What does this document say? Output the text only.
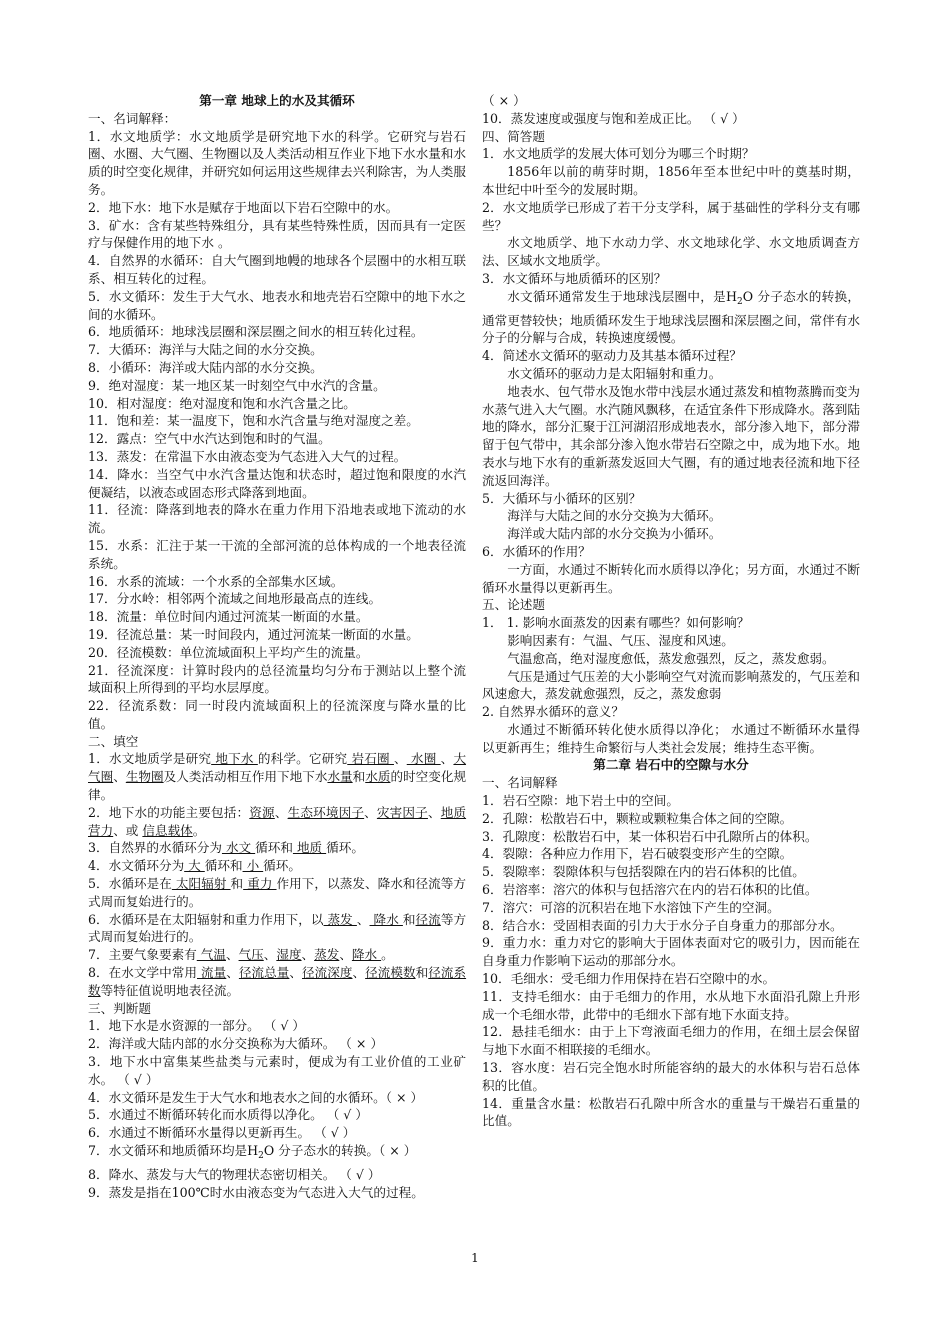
第一章 地球上的水及其循环

一、名词解释：

1．水文地质学：水文地质学是研究地下水的科学。它研究与岩石圈、水圈、大气圈、生物圈以及人类活动相互作业下地下水水量和水质的时空变化规律，并研究如何运用这些规律去兴利除害，为人类服务。

2．地下水：地下水是赋存于地面以下岩石空隙中的水。

3．矿水：含有某些特殊组分，具有某些特殊性质，因而具有一定医疗与保健作用的地下水 。

4．自然界的水循环：自大气圈到地幔的地球各个层圈中的水相互联系、相互转化的过程。

5．水文循环：发生于大气水、地表水和地壳岩石空隙中的地下水之间的水循环。

6．地质循环：地球浅层圈和深层圈之间水的相互转化过程。

7．大循环：海洋与大陆之间的水分交换。

8．小循环：海洋或大陆内部的水分交换。

9．绝对湿度：某一地区某一时刻空气中水汽的含量。

10．相对湿度：绝对湿度和饱和水汽含量之比。

11．饱和差：某一温度下，饱和水汽含量与绝对湿度之差。

12．露点：空气中水汽达到饱和时的气温。

13．蒸发：在常温下水由液态变为气态进入大气的过程。

14．降水：当空气中水汽含量达饱和状态时，超过饱和限度的水汽便凝结，以液态或固态形式降落到地面。

11．径流：降落到地表的降水在重力作用下沿地表或地下流动的水流。

15．水系：汇注于某一干流的全部河流的总体构成的一个地表径流系统。

16．水系的流域：一个水系的全部集水区域。

17．分水岭：相邻两个流域之间地形最高点的连线。

18．流量：单位时间内通过河流某一断面的水量。

19．径流总量：某一时间段内，通过河流某一断面的水量。

20．径流模数：单位流域面积上平均产生的流量。

21．径流深度：计算时段内的总径流量均匀分布于测站以上整个流域面积上所得到的平均水层厚度。

22．径流系数：同一时段内流域面积上的径流深度与降水量的比值。

二、填空

1．水文地质学是研究 地下水 的科学。它研究 岩石圈 、 水圈 、大气圈、生物圈及人类活动相互作用下地下水水量和水质的时空变化规律。

2．地下水的功能主要包括：资源、生态环境因子、灾害因子、地质营力、或 信息载体。

3．自然界的水循环分为 水文 循环和 地质 循环。

4．水文循环分为 大 循环和 小 循环。

5．水循环是在 太阳辐射 和 重力 作用下，以蒸发、降水和径流等方式周而复始进行的。

6．水循环是在太阳辐射和重力作用下，以 蒸发 、 降水 和径流等方式周而复始进行的。

7．主要气象要素有 气温、气压、湿度、蒸发、降水 。

8．在水文学中常用 流量、径流总量、径流深度、径流模数和径流系数等特征值说明地表径流。

三、判断题

1．地下水是水资源的一部分。 （ √ ）

2．海洋或大陆内部的水分交换称为大循环。 （ × ）

3．地下水中富集某些盐类与元素时，便成为有工业价值的工业矿水。 （ √ ）

4．水文循环是发生于大气水和地表水之间的水循环。（ × ）

5．水通过不断循环转化而水质得以净化。 （ √ ）

6．水通过不断循环水量得以更新再生。 （ √ ）

7．水文循环和地质循环均是$H_2O$ 分子态水的转换。（ × ）

8．降水、蒸发与大气的物理状态密切相关。 （ √ ）

9．蒸发是指在100℃时水由液态变为气态进入大气的过程。

（ × ）

10．蒸发速度或强度与饱和差成正比。 （ √ ）

四、简答题

1．水文地质学的发展大体可划分为哪三个时期？

1856年以前的萌芽时期，1856年至本世纪中叶的奠基时期，本世纪中叶至今的发展时期。

2．水文地质学已形成了若干分支学科，属于基础性的学科分支有哪些？

水文地质学、地下水动力学、水文地球化学、水文地质调查方法、区域水文地质学。

3．水文循环与地质循环的区别？

水文循环通常发生于地球浅层圈中，是$H_2O$ 分子态水的转换，通常更替较快；地质循环发生于地球浅层圈和深层圈之间，常伴有水分子的分解与合成，转换速度缓慢。

4．简述水文循环的驱动力及其基本循环过程？

水文循环的驱动力是太阳辐射和重力。

地表水、包气带水及饱水带中浅层水通过蒸发和植物蒸腾而变为水蒸气进入大气圈。水汽随风飘移，在适宜条件下形成降水。落到陆地的降水，部分汇聚于江河湖沼形成地表水，部分渗入地下，部分滞留于包气带中，其余部分渗入饱水带岩石空隙之中，成为地下水。地表水与地下水有的重新蒸发返回大气圈，有的通过地表径流和地下径流返回海洋。

5．大循环与小循环的区别？

海洋与大陆之间的水分交换为大循环。

海洋或大陆内部的水分交换为小循环。

6．水循环的作用？

一方面，水通过不断转化而水质得以净化；另方面，水通过不断循环水量得以更新再生。

五、论述题

1． 1. 影响水面蒸发的因素有哪些？如何影响？

影响因素有：气温、气压、湿度和风速。

气温愈高，绝对湿度愈低，蒸发愈强烈，反之，蒸发愈弱。

气压是通过气压差的大小影响空气对流而影响蒸发的，气压差和风速愈大，蒸发就愈强烈，反之，蒸发愈弱

2. 自然界水循环的意义？

水通过不断循环转化使水质得以净化； 水通过不断循环水量得以更新再生；维持生命繁衍与人类社会发展；维持生态平衡。

第二章 岩石中的空隙与水分

一、名词解释

1．岩石空隙：地下岩土中的空间。

2．孔隙：松散岩石中，颗粒或颗粒集合体之间的空隙。

3．孔隙度：松散岩石中，某一体积岩石中孔隙所占的体积。

4．裂隙：各种应力作用下，岩石破裂变形产生的空隙。

5．裂隙率：裂隙体积与包括裂隙在内的岩石体积的比值。

6．岩溶率：溶穴的体积与包括溶穴在内的岩石体积的比值。

7．溶穴：可溶的沉积岩在地下水溶蚀下产生的空洞。

8．结合水：受固相表面的引力大于水分子自身重力的那部分水。

9．重力水：重力对它的影响大于固体表面对它的吸引力，因而能在自身重力作影响下运动的那部分水。

10．毛细水：受毛细力作用保持在岩石空隙中的水。

11．支持毛细水：由于毛细力的作用，水从地下水面沿孔隙上升形成一个毛细水带，此带中的毛细水下部有地下水面支持。

12．悬挂毛细水：由于上下弯液面毛细力的作用，在细土层会保留与地下水面不相联接的毛细水。

13．容水度：岩石完全饱水时所能容纳的最大的水体积与岩石总体积的比值。

14．重量含水量：松散岩石孔隙中所含水的重量与干燥岩石重量的比值。

1
